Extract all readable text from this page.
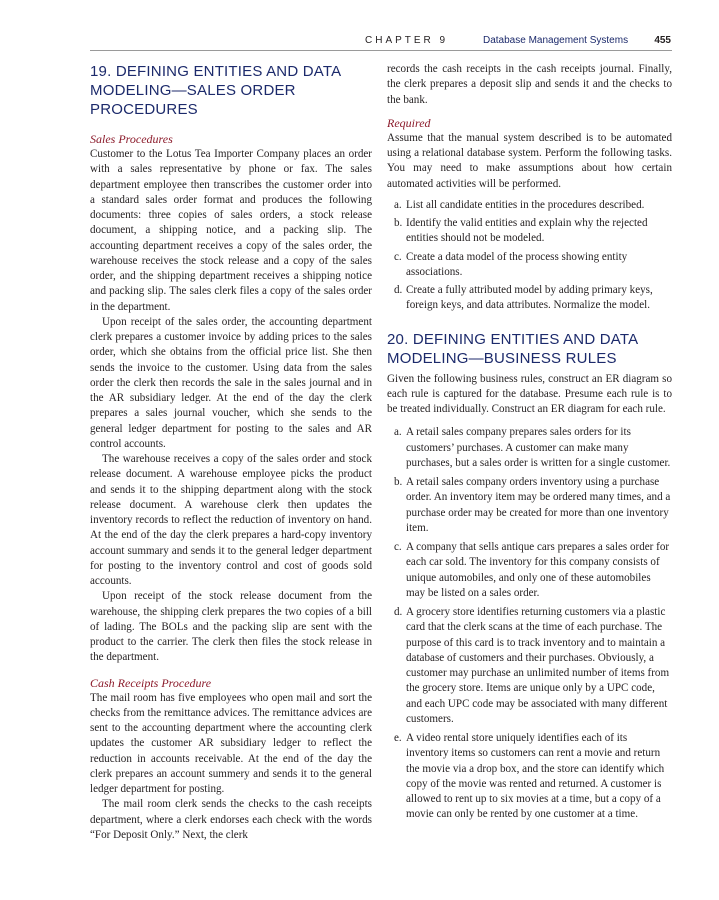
CHAPTER 9	Database Management Systems	455
19. DEFINING ENTITIES AND DATA MODELING—SALES ORDER PROCEDURES
Sales Procedures

Customer to the Lotus Tea Importer Company places an order with a sales representative by phone or fax. The sales department employee then transcribes the customer order into a standard sales order format and produces the following documents: three copies of sales orders, a stock release document, a shipping notice, and a packing slip. The accounting department receives a copy of the sales order, the warehouse receives the stock release and a copy of the sales order, and the shipping department receives a shipping notice and packing slip. The sales clerk files a copy of the sales order in the department.

Upon receipt of the sales order, the accounting department clerk prepares a customer invoice by adding prices to the sales order, which she obtains from the official price list. She then sends the invoice to the customer. Using data from the sales order the clerk then records the sale in the sales journal and in the AR subsidiary ledger. At the end of the day the clerk prepares a sales journal voucher, which she sends to the general ledger department for posting to the sales and AR control accounts.

The warehouse receives a copy of the sales order and stock release document. A warehouse employee picks the product and sends it to the shipping department along with the stock release document. A warehouse clerk then updates the inventory records to reflect the reduction of inventory on hand. At the end of the day the clerk prepares a hard-copy inventory account summary and sends it to the general ledger department for posting to the inventory control and cost of goods sold accounts.

Upon receipt of the stock release document from the warehouse, the shipping clerk prepares the two copies of a bill of lading. The BOLs and the packing slip are sent with the product to the carrier. The clerk then files the stock release in the department.

Cash Receipts Procedure

The mail room has five employees who open mail and sort the checks from the remittance advices. The remittance advices are sent to the accounting department where the accounting clerk updates the customer AR subsidiary ledger to reflect the reduction in accounts receivable. At the end of the day the clerk prepares an account summery and sends it to the general ledger department for posting.

The mail room clerk sends the checks to the cash receipts department, where a clerk endorses each check with the words “For Deposit Only.” Next, the clerk

records the cash receipts in the cash receipts journal. Finally, the clerk prepares a deposit slip and sends it and the checks to the bank.

Required

Assume that the manual system described is to be automated using a relational database system. Perform the following tasks. You may need to make assumptions about how certain automated activities will be performed.

a. List all candidate entities in the procedures described.
b. Identify the valid entities and explain why the rejected entities should not be modeled.
c. Create a data model of the process showing entity associations.
d. Create a fully attributed model by adding primary keys, foreign keys, and data attributes. Normalize the model.
20. DEFINING ENTITIES AND DATA MODELING—BUSINESS RULES

Given the following business rules, construct an ER diagram so each rule is captured for the database. Presume each rule is to be treated individually. Construct an ER diagram for each rule.

a. A retail sales company prepares sales orders for its customers’ purchases. A customer can make many purchases, but a sales order is written for a single customer.
b. A retail sales company orders inventory using a purchase order. An inventory item may be ordered many times, and a purchase order may be created for more than one inventory item.
c. A company that sells antique cars prepares a sales order for each car sold. The inventory for this company consists of unique automobiles, and only one of these automobiles may be listed on a sales order.
d. A grocery store identifies returning customers via a plastic card that the clerk scans at the time of each purchase. The purpose of this card is to track inventory and to maintain a database of customers and their purchases. Obviously, a customer may purchase an unlimited number of items from the grocery store. Items are unique only by a UPC code, and each UPC code may be associated with many different customers.
e. A video rental store uniquely identifies each of its inventory items so customers can rent a movie and return the movie via a drop box, and the store can identify which copy of the movie was rented and returned. A customer is allowed to rent up to six movies at a time, but a copy of a movie can only be rented by one customer at a time.
